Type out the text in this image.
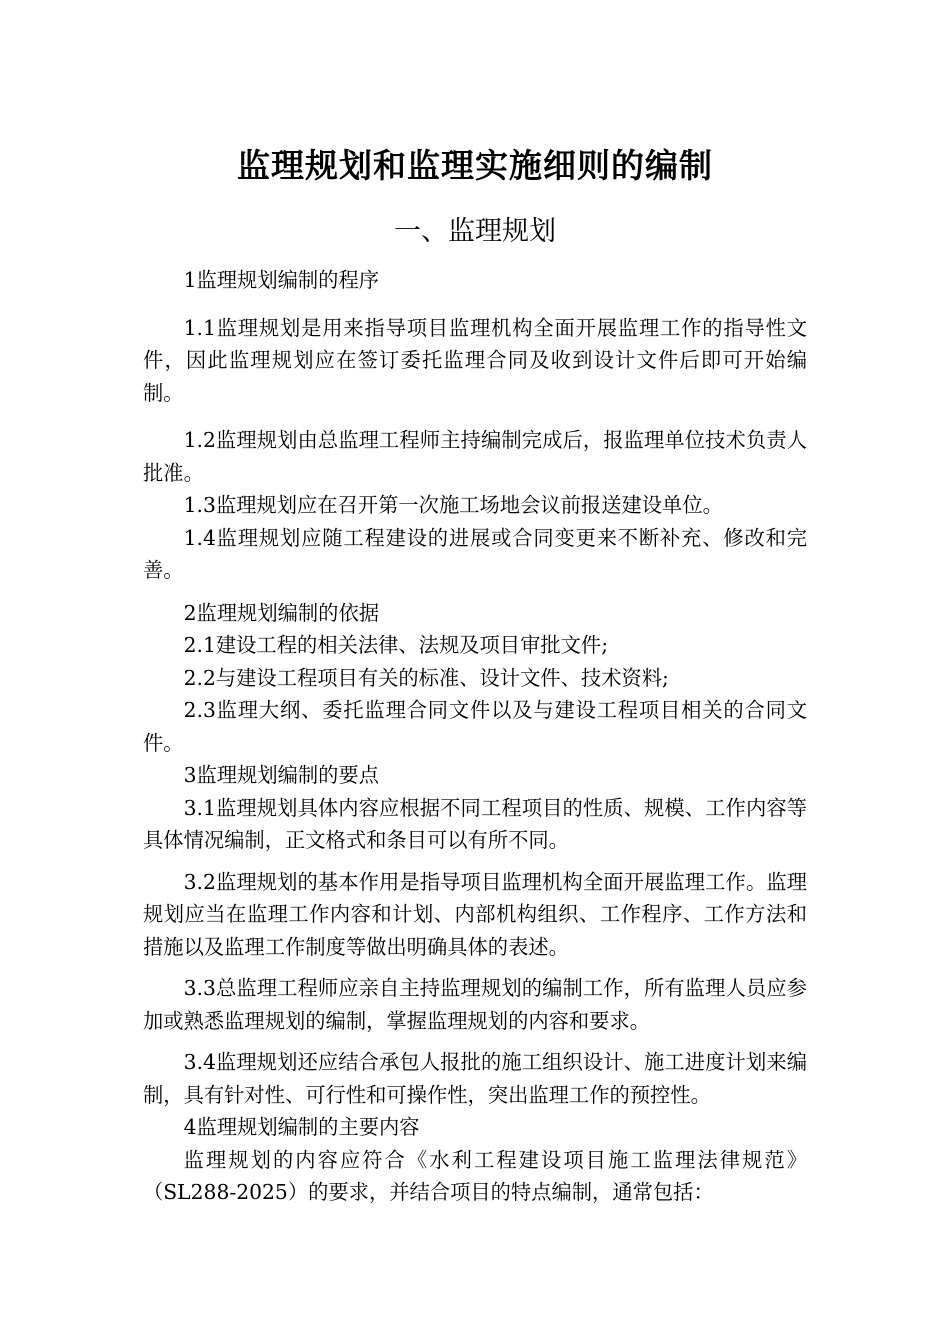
监理规划和监理实施细则的编制
一、监理规划

1监理规划编制的程序

1.1监理规划是用来指导项目监理机构全面开展监理工作的指导性文件，因此监理规划应在签订委托监理合同及收到设计文件后即可开始编制。

1.2监理规划由总监理工程师主持编制完成后，报监理单位技术负责人批准。

1.3监理规划应在召开第一次施工场地会议前报送建设单位。

1.4监理规划应随工程建设的进展或合同变更来不断补充、修改和完善。

2监理规划编制的依据

2.1建设工程的相关法律、法规及项目审批文件;

2.2与建设工程项目有关的标准、设计文件、技术资料;

2.3监理大纲、委托监理合同文件以及与建设工程项目相关的合同文件。

3监理规划编制的要点

3.1监理规划具体内容应根据不同工程项目的性质、规模、工作内容等具体情况编制，正文格式和条目可以有所不同。

3.2监理规划的基本作用是指导项目监理机构全面开展监理工作。监理规划应当在监理工作内容和计划、内部机构组织、工作程序、工作方法和措施以及监理工作制度等做出明确具体的表述。

3.3总监理工程师应亲自主持监理规划的编制工作，所有监理人员应参加或熟悉监理规划的编制，掌握监理规划的内容和要求。

3.4监理规划还应结合承包人报批的施工组织设计、施工进度计划来编制，具有针对性、可行性和可操作性，突出监理工作的预控性。

4监理规划编制的主要内容

监理规划的内容应符合《水利工程建设项目施工监理法律规范》（SL288-2025）的要求，并结合项目的特点编制，通常包括：
